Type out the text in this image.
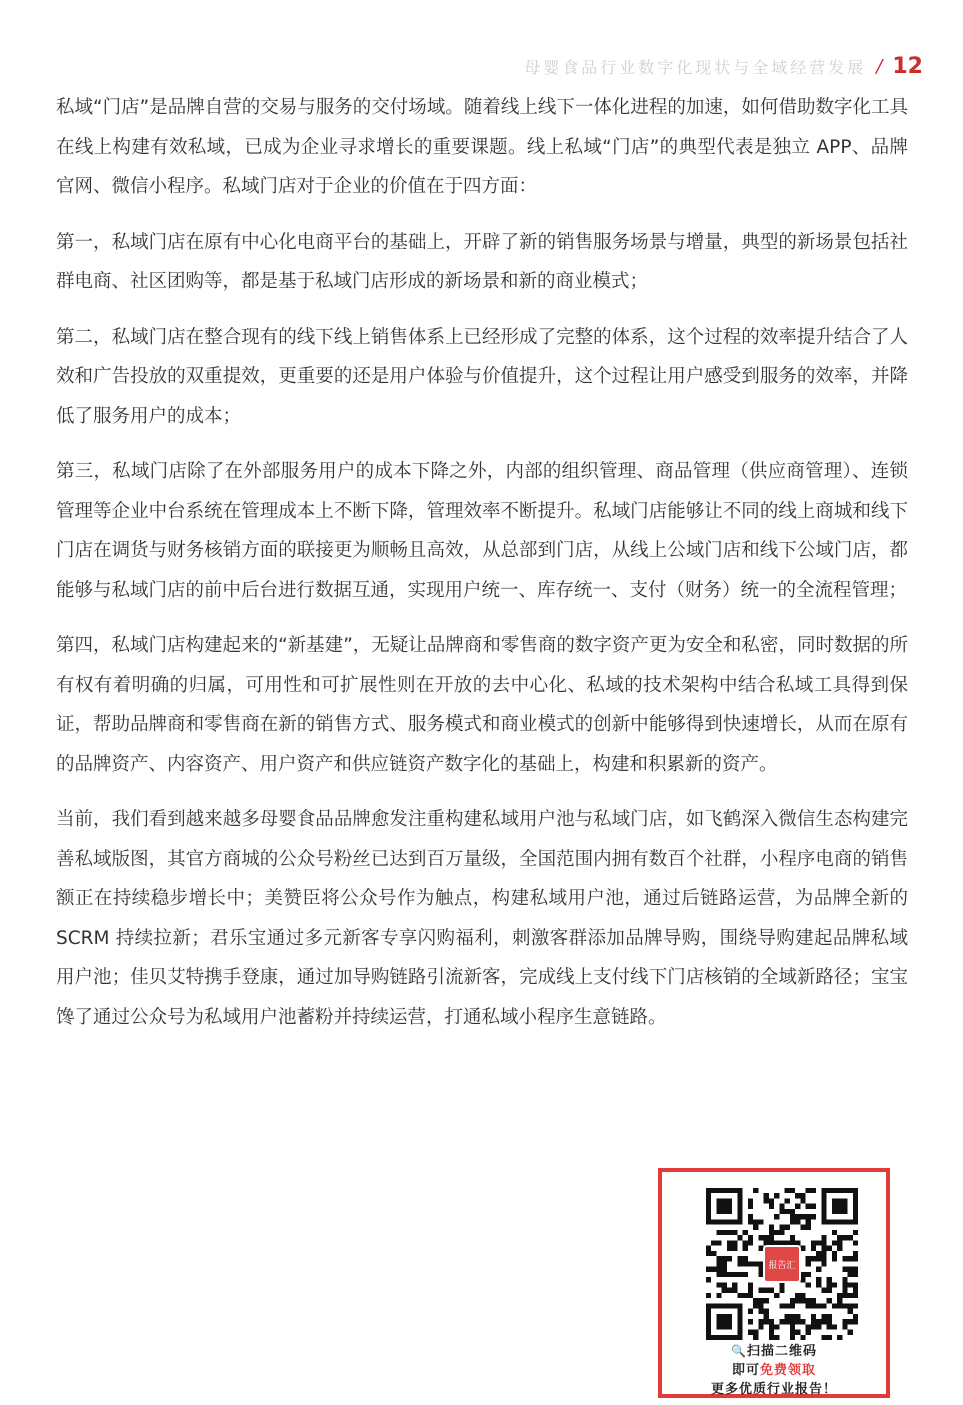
母婴食品行业数字化现状与全域经营发展 / 12

私域“门店”是品牌自营的交易与服务的交付场域。随着线上线下一体化进程的加速，如何借助数字化工具在线上构建有效私域，已成为企业寻求增长的重要课题。线上私域“门店”的典型代表是独立 APP、品牌官网、微信小程序。私域门店对于企业的价值在于四方面：

第一，私域门店在原有中心化电商平台的基础上，开辟了新的销售服务场景与增量，典型的新场景包括社群电商、社区团购等，都是基于私域门店形成的新场景和新的商业模式；

第二，私域门店在整合现有的线下线上销售体系上已经形成了完整的体系，这个过程的效率提升结合了人效和广告投放的双重提效，更重要的还是用户体验与价值提升，这个过程让用户感受到服务的效率，并降低了服务用户的成本；

第三，私域门店除了在外部服务用户的成本下降之外，内部的组织管理、商品管理（供应商管理）、连锁管理等企业中台系统在管理成本上不断下降，管理效率不断提升。私域门店能够让不同的线上商城和线下门店在调货与财务核销方面的联接更为顺畅且高效，从总部到门店，从线上公域门店和线下公域门店，都能够与私域门店的前中后台进行数据互通，实现用户统一、库存统一、支付（财务）统一的全流程管理；

第四，私域门店构建起来的“新基建”，无疑让品牌商和零售商的数字资产更为安全和私密，同时数据的所有权有着明确的归属，可用性和可扩展性则在开放的去中心化、私域的技术架构中结合私域工具得到保证，帮助品牌商和零售商在新的销售方式、服务模式和商业模式的创新中能够得到快速增长，从而在原有的品牌资产、内容资产、用户资产和供应链资产数字化的基础上，构建和积累新的资产。

当前，我们看到越来越多母婴食品品牌愈发注重构建私域用户池与私域门店，如飞鹤深入微信生态构建完善私域版图，其官方商城的公众号粉丝已达到百万量级，全国范围内拥有数百个社群，小程序电商的销售额正在持续稳步增长中；美赞臣将公众号作为触点，构建私域用户池，通过后链路运营，为品牌全新的 SCRM 持续拉新；君乐宝通过多元新客专享闪购福利，刺激客群添加品牌导购，围绕导购建起品牌私域用户池；佳贝艾特携手登康，通过加导购链路引流新客，完成线上支付线下门店核销的全域新路径；宝宝馋了通过公众号为私域用户池蓄粉并持续运营，打通私域小程序生意链路。

报告汇
🔍扫描二维码
即可免费领取
更多优质行业报告！
